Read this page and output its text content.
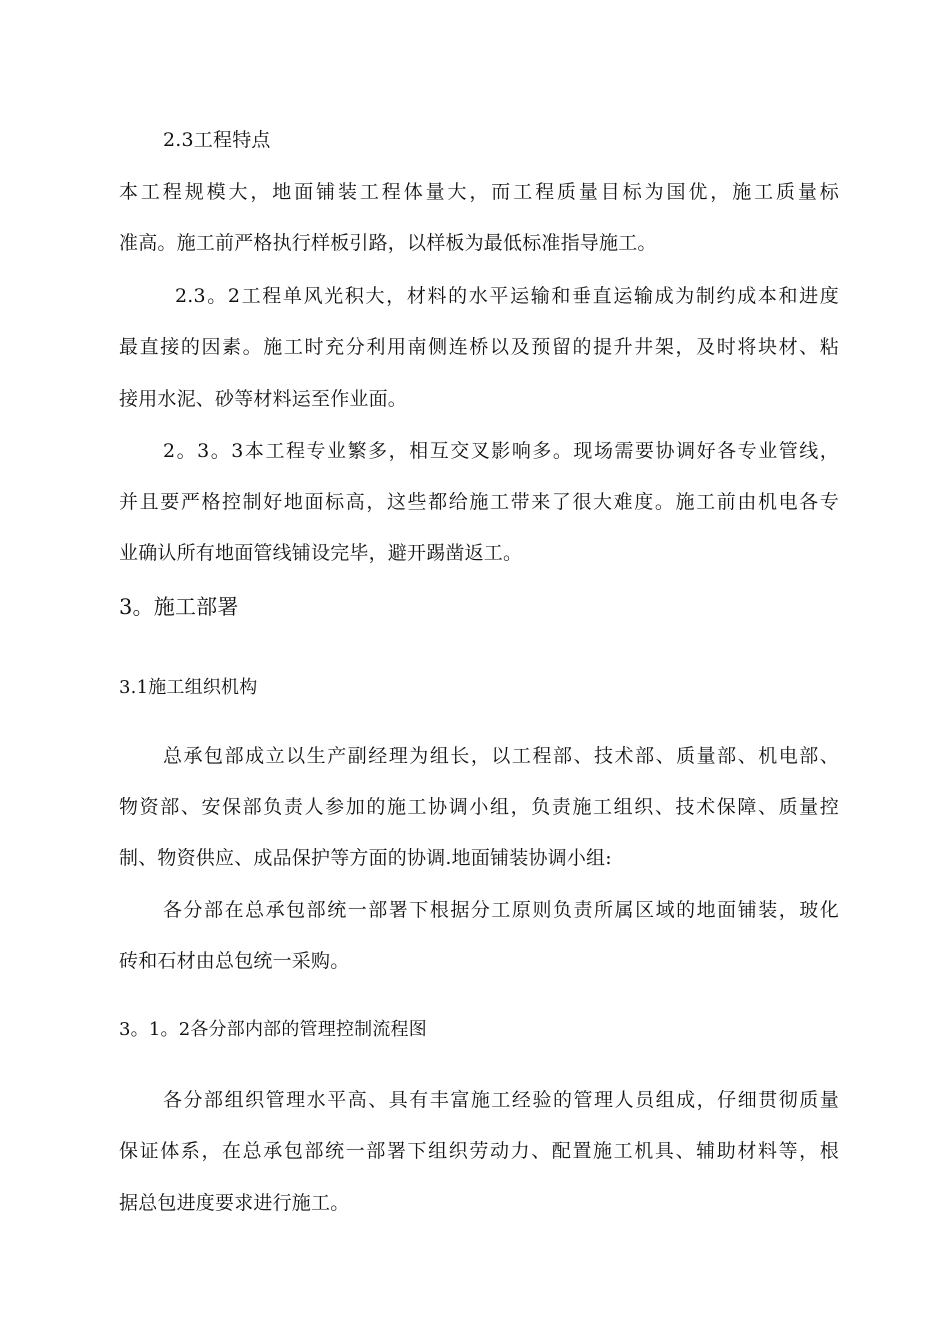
2.3工程特点
本工程规模大，地面铺装工程体量大，而工程质量目标为国优，施工质量标
准高。施工前严格执行样板引路，以样板为最低标准指导施工。
2.3。2工程单风光积大，材料的水平运输和垂直运输成为制约成本和进度
最直接的因素。施工时充分利用南侧连桥以及预留的提升井架，及时将块材、粘
接用水泥、砂等材料运至作业面。
2。3。3本工程专业繁多，相互交叉影响多。现场需要协调好各专业管线，
并且要严格控制好地面标高，这些都给施工带来了很大难度。施工前由机电各专
业确认所有地面管线铺设完毕，避开踢凿返工。
3。施工部署
3.1施工组织机构
总承包部成立以生产副经理为组长，以工程部、技术部、质量部、机电部、
物资部、安保部负责人参加的施工协调小组，负责施工组织、技术保障、质量控
制、物资供应、成品保护等方面的协调.地面铺装协调小组:
各分部在总承包部统一部署下根据分工原则负责所属区域的地面铺装，玻化
砖和石材由总包统一采购。
3。1。2各分部内部的管理控制流程图
各分部组织管理水平高、具有丰富施工经验的管理人员组成，仔细贯彻质量
保证体系，在总承包部统一部署下组织劳动力、配置施工机具、辅助材料等，根
据总包进度要求进行施工。
